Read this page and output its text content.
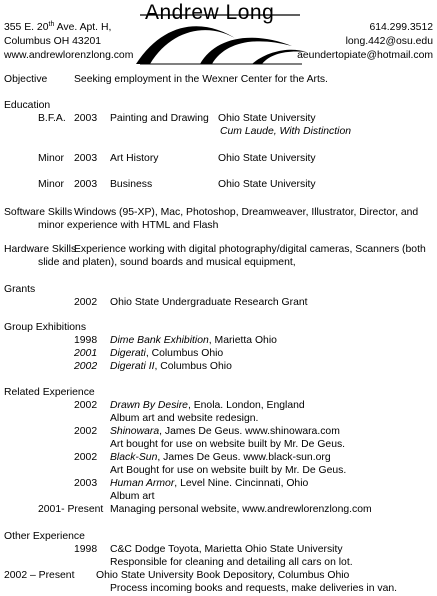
Andrew Long
355 E. 20th Ave. Apt. H,
Columbus OH 43201
www.andrewlorenzlong.com
614.299.3512
long.442@osu.edu
aeundertopiate@hotmail.com
Objective	Seeking employment in the Wexner Center for the Arts.
Education
B.F.A. 2003 Painting and Drawing Ohio State University
Cum Laude, With Distinction
Minor 2003 Art History	Ohio State University
Minor 2003 Business	Ohio State University
Software Skills Windows (95-XP), Mac, Photoshop, Dreamweaver, Illustrator, Director, and
minor experience with HTML and Flash
Hardware Skills
Experience working with digital photography/digital cameras, Scanners (both
slide and platen), sound boards and musical equipment,
Grants
2002 Ohio State Undergraduate Research Grant
Group Exhibitions
1998 Dime Bank Exhibition, Marietta Ohio
2001 Digerati, Columbus Ohio
2002 Digerati II, Columbus Ohio
Related Experience
2002 Drawn By Desire, Enola. London, England
Album art and website redesign.
2002 Shinowara, James De Geus. www.shinowara.com
Art bought for use on website built by Mr. De Geus.
2002 Black-Sun, James De Geus. www.black-sun.org
Art Bought for use on website built by Mr. De Geus.
2003 Human Armor, Level Nine. Cincinnati, Ohio
Album art
2001- Present Managing personal website, www.andrewlorenzlong.com
Other Experience
1998 C&C Dodge Toyota, Marietta Ohio State University
Responsible for cleaning and detailing all cars on lot.
2002 – Present Ohio State University Book Depository, Columbus Ohio
Process incoming books and requests, make deliveries in van.
